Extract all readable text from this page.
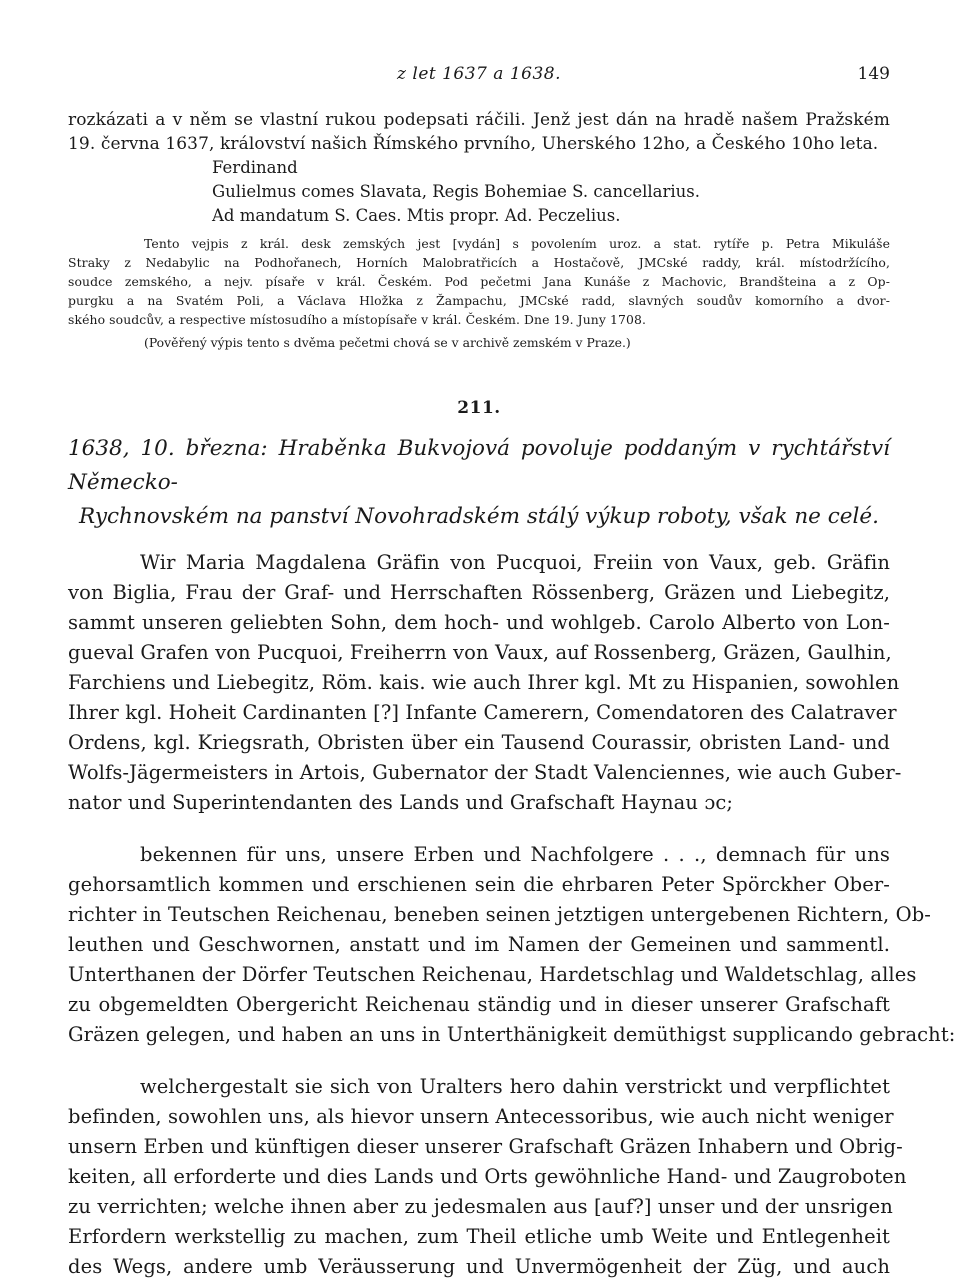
z let 1637 a 1638.	149
rozkázati a v něm se vlastní rukou podepsati ráčili. Jenž jest dán na hradě našem Pražském
19. června 1637, království našich Římského prvního, Uherského 12ho, a Českého 10ho leta.
Ferdinand
Gulielmus comes Slavata, Regis Bohemiae S. cancellarius.
Ad mandatum S. Caes. Mtis propr. Ad. Peczelius.
Tento vejpis z král. desk zemských jest [vydán] s povolením uroz. a stat. rytíře p. Petra Mikuláše
Straky z Nedabylic na Podhořanech, Horních Malobratřicích a Hostačově, JMCské raddy, král. místodržícího,
soudce zemského, a nejv. písaře v král. Českém. Pod pečetmi Jana Kunáše z Machovic, Brandšteina a z Op-
purgku a na Svatém Poli, a Václava Hložka z Žampachu, JMCské radd, slavných soudův komorního a dvor-
ského soudcův, a respective místosudího a místopísaře v král. Českém. Dne 19. Juny 1708.
(Pověřený výpis tento s dvěma pečetmi chová se v archivě zemském v Praze.)
211.
1638, 10. března: Hraběnka Bukvojová povoluje poddaným v rychtářství Německo-
Rychnovském na panství Novohradském stálý výkup roboty, však ne celé.
Wir Maria Magdalena Gräfin von Pucquoi, Freiin von Vaux, geb. Gräfin
von Biglia, Frau der Graf- und Herrschaften Rössenberg, Gräzen und Liebegitz,
sammt unseren geliebten Sohn, dem hoch- und wohlgeb. Carolo Alberto von Lon-
gueval Grafen von Pucquoi, Freiherrn von Vaux, auf Rossenberg, Gräzen, Gaulhin,
Farchiens und Liebegitz, Röm. kais. wie auch Ihrer kgl. Mt zu Hispanien, sowohlen
Ihrer kgl. Hoheit Cardinanten [?] Infante Camerern, Comendatoren des Calatraver
Ordens, kgl. Kriegsrath, Obristen über ein Tausend Courassir, obristen Land- und
Wolfs-Jägermeisters in Artois, Gubernator der Stadt Valenciennes, wie auch Guber-
nator und Superintendanten des Lands und Grafschaft Haynau ɔc;
bekennen für uns, unsere Erben und Nachfolgere . . ., demnach für uns
gehorsamtlich kommen und erschienen sein die ehrbaren Peter Spörckher Ober-
richter in Teutschen Reichenau, beneben seinen jetztigen untergebenen Richtern, Ob-
leuthen und Geschwornen, anstatt und im Namen der Gemeinen und sammentl.
Unterthanen der Dörfer Teutschen Reichenau, Hardetschlag und Waldetschlag, alles
zu obgemeldten Obergericht Reichenau ständig und in dieser unserer Grafschaft
Gräzen gelegen, und haben an uns in Unterthänigkeit demüthigst supplicando gebracht:
welchergestalt sie sich von Uralters hero dahin verstrickt und verpflichtet
befinden, sowohlen uns, als hievor unsern Antecessoribus, wie auch nicht weniger
unsern Erben und künftigen dieser unserer Grafschaft Gräzen Inhabern und Obrig-
keiten, all erforderte und dies Lands und Orts gewöhnliche Hand- und Zaugroboten
zu verrichten; welche ihnen aber zu jedesmalen aus [auf?] unser und der unsrigen
Erfordern werkstellig zu machen, zum Theil etliche umb Weite und Entlegenheit
des Wegs, andere umb Veräusserung und Unvermögenheit der Züg, und auch
